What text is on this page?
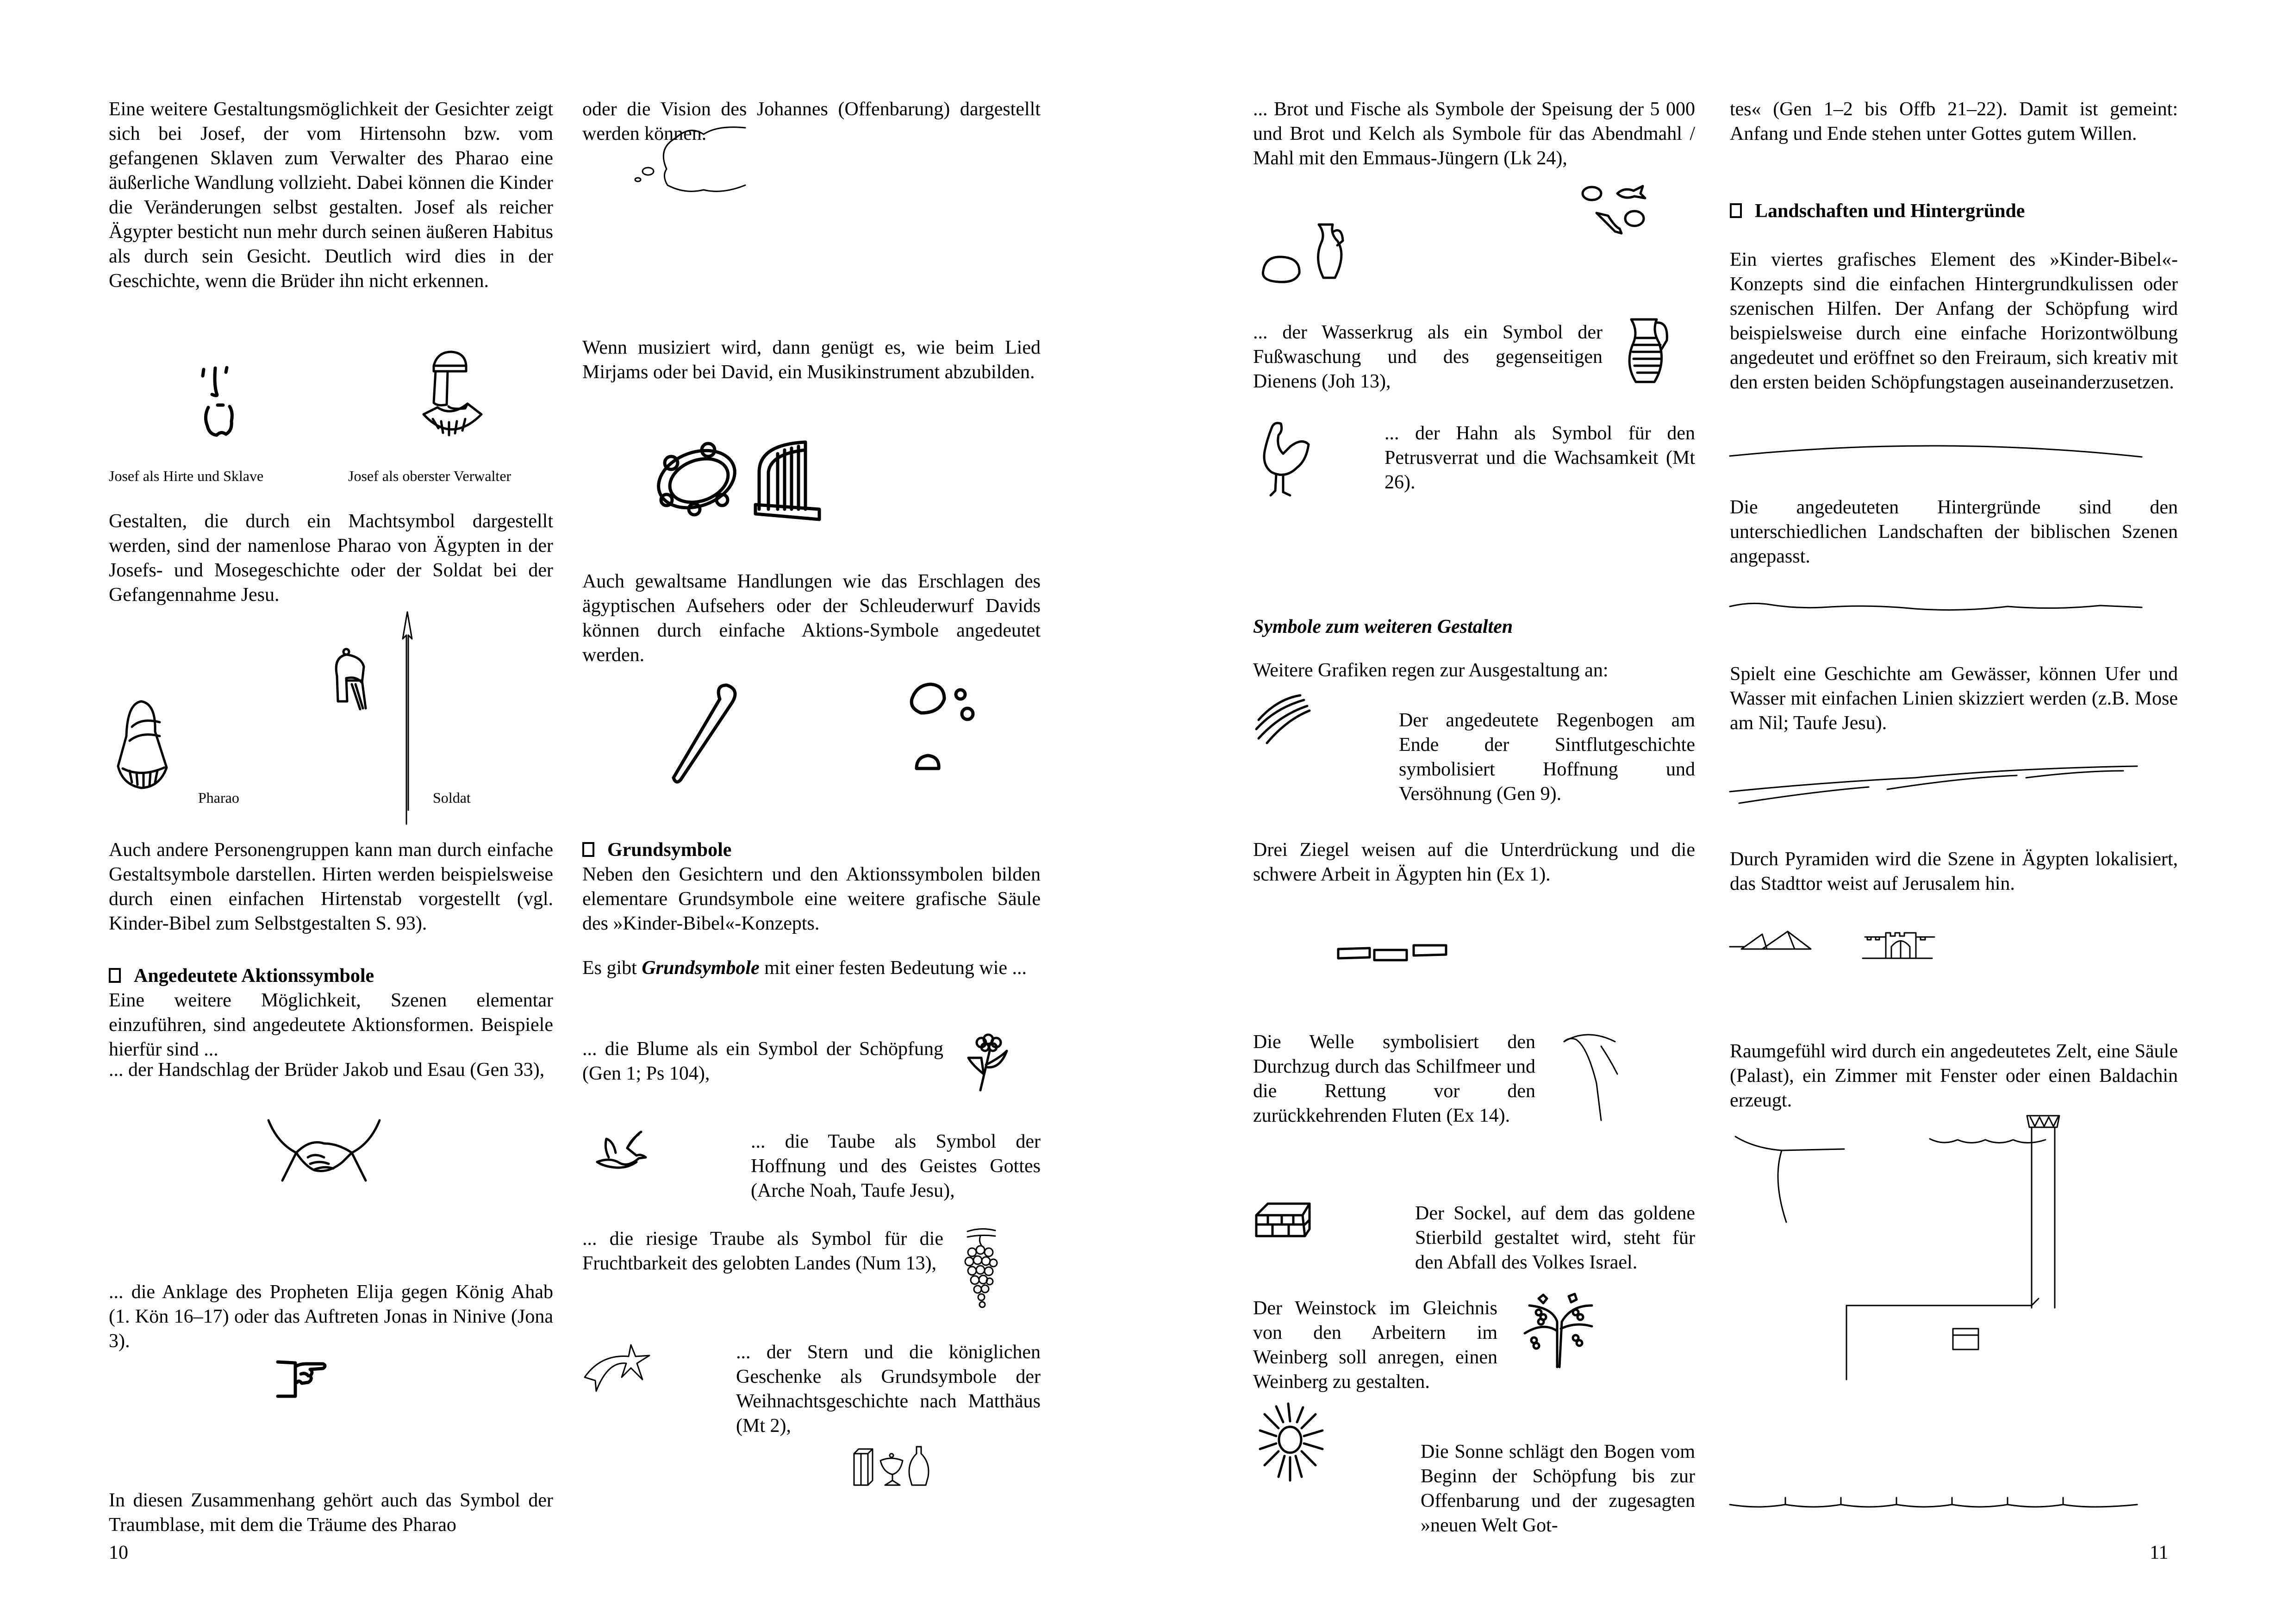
Eine weitere Gestaltungsmöglichkeit der Gesichter zeigt sich bei Josef, der vom Hirtensohn bzw. vom gefangenen Sklaven zum Verwalter des Pharao eine äußerliche Wandlung vollzieht. Dabei können die Kinder die Veränderungen selbst gestalten. Josef als reicher Ägypter besticht nun mehr durch seinen äußeren Habitus als durch sein Gesicht. Deutlich wird dies in der Geschichte, wenn die Brüder ihn nicht erkennen.

Josef als Hirte und Sklave	Josef als oberster Verwalter

Gestalten, die durch ein Machtsymbol dargestellt werden, sind der namenlose Pharao von Ägypten in der Josefs- und Mosegeschichte oder der Soldat bei der Gefangennahme Jesu.

Pharao	Soldat

Auch andere Personengruppen kann man durch einfache Gestaltsymbole darstellen. Hirten werden beispielsweise durch einen einfachen Hirtenstab vorgestellt (vgl. Kinder-Bibel zum Selbstgestalten S. 93).

Angedeutete Aktionssymbole

Eine weitere Möglichkeit, Szenen elementar einzuführen, sind angedeutete Aktionsformen. Beispiele hierfür sind ...

... der Handschlag der Brüder Jakob und Esau (Gen 33),

... die Anklage des Propheten Elija gegen König Ahab (1. Kön 16–17) oder das Auftreten Jonas in Ninive (Jona 3).

In diesen Zusammenhang gehört auch das Symbol der Traumblase, mit dem die Träume des Pharao

10

oder die Vision des Johannes (Offenbarung) dargestellt werden können.

Wenn musiziert wird, dann genügt es, wie beim Lied Mirjams oder bei David, ein Musikinstrument abzubilden.

Auch gewaltsame Handlungen wie das Erschlagen des ägyptischen Aufsehers oder der Schleuderwurf Davids können durch einfache Aktions-Symbole angedeutet werden.

Grundsymbole

Neben den Gesichtern und den Aktionssymbolen bilden elementare Grundsymbole eine weitere grafische Säule des »Kinder-Bibel«-Konzepts.

Es gibt Grundsymbole mit einer festen Bedeutung wie ...

... die Blume als ein Symbol der Schöpfung (Gen 1; Ps 104),

... die Taube als Symbol der Hoffnung und des Geistes Gottes (Arche Noah, Taufe Jesu),

... die riesige Traube als Symbol für die Fruchtbarkeit des gelobten Landes (Num 13),

... der Stern und die königlichen Geschenke als Grundsymbole der Weihnachtsgeschichte nach Matthäus (Mt 2),

... Brot und Fische als Symbole der Speisung der 5 000 und Brot und Kelch als Symbole für das Abendmahl / Mahl mit den Emmaus-Jüngern (Lk 24),

... der Wasserkrug als ein Symbol der Fußwaschung und des gegenseitigen Dienens (Joh 13),

... der Hahn als Symbol für den Petrusverrat und die Wachsamkeit (Mt 26).

Symbole zum weiteren Gestalten

Weitere Grafiken regen zur Ausgestaltung an:

Der angedeutete Regenbogen am Ende der Sintflutgeschichte symbolisiert Hoffnung und Versöhnung (Gen 9).

Drei Ziegel weisen auf die Unterdrückung und die schwere Arbeit in Ägypten hin (Ex 1).

Die Welle symbolisiert den Durchzug durch das Schilfmeer und die Rettung vor den zurückkehrenden Fluten (Ex 14).

Der Sockel, auf dem das goldene Stierbild gestaltet wird, steht für den Abfall des Volkes Israel.

Der Weinstock im Gleichnis von den Arbeitern im Weinberg soll anregen, einen Weinberg zu gestalten.

Die Sonne schlägt den Bogen vom Beginn der Schöpfung bis zur Offenbarung und der zugesagten »neuen Welt Got-

tes« (Gen 1–2 bis Offb 21–22). Damit ist gemeint: Anfang und Ende stehen unter Gottes gutem Willen.

Landschaften und Hintergründe

Ein viertes grafisches Element des »Kinder-Bibel«-Konzepts sind die einfachen Hintergrundkulissen oder szenischen Hilfen. Der Anfang der Schöpfung wird beispielsweise durch eine einfache Horizontwölbung angedeutet und eröffnet so den Freiraum, sich kreativ mit den ersten beiden Schöpfungstagen auseinanderzusetzen.

Die angedeuteten Hintergründe sind den unterschiedlichen Landschaften der biblischen Szenen angepasst.

Spielt eine Geschichte am Gewässer, können Ufer und Wasser mit einfachen Linien skizziert werden (z.B. Mose am Nil; Taufe Jesu).

Durch Pyramiden wird die Szene in Ägypten lokalisiert, das Stadttor weist auf Jerusalem hin.

Raumgefühl wird durch ein angedeutetes Zelt, eine Säule (Palast), ein Zimmer mit Fenster oder einen Baldachin erzeugt.

11
